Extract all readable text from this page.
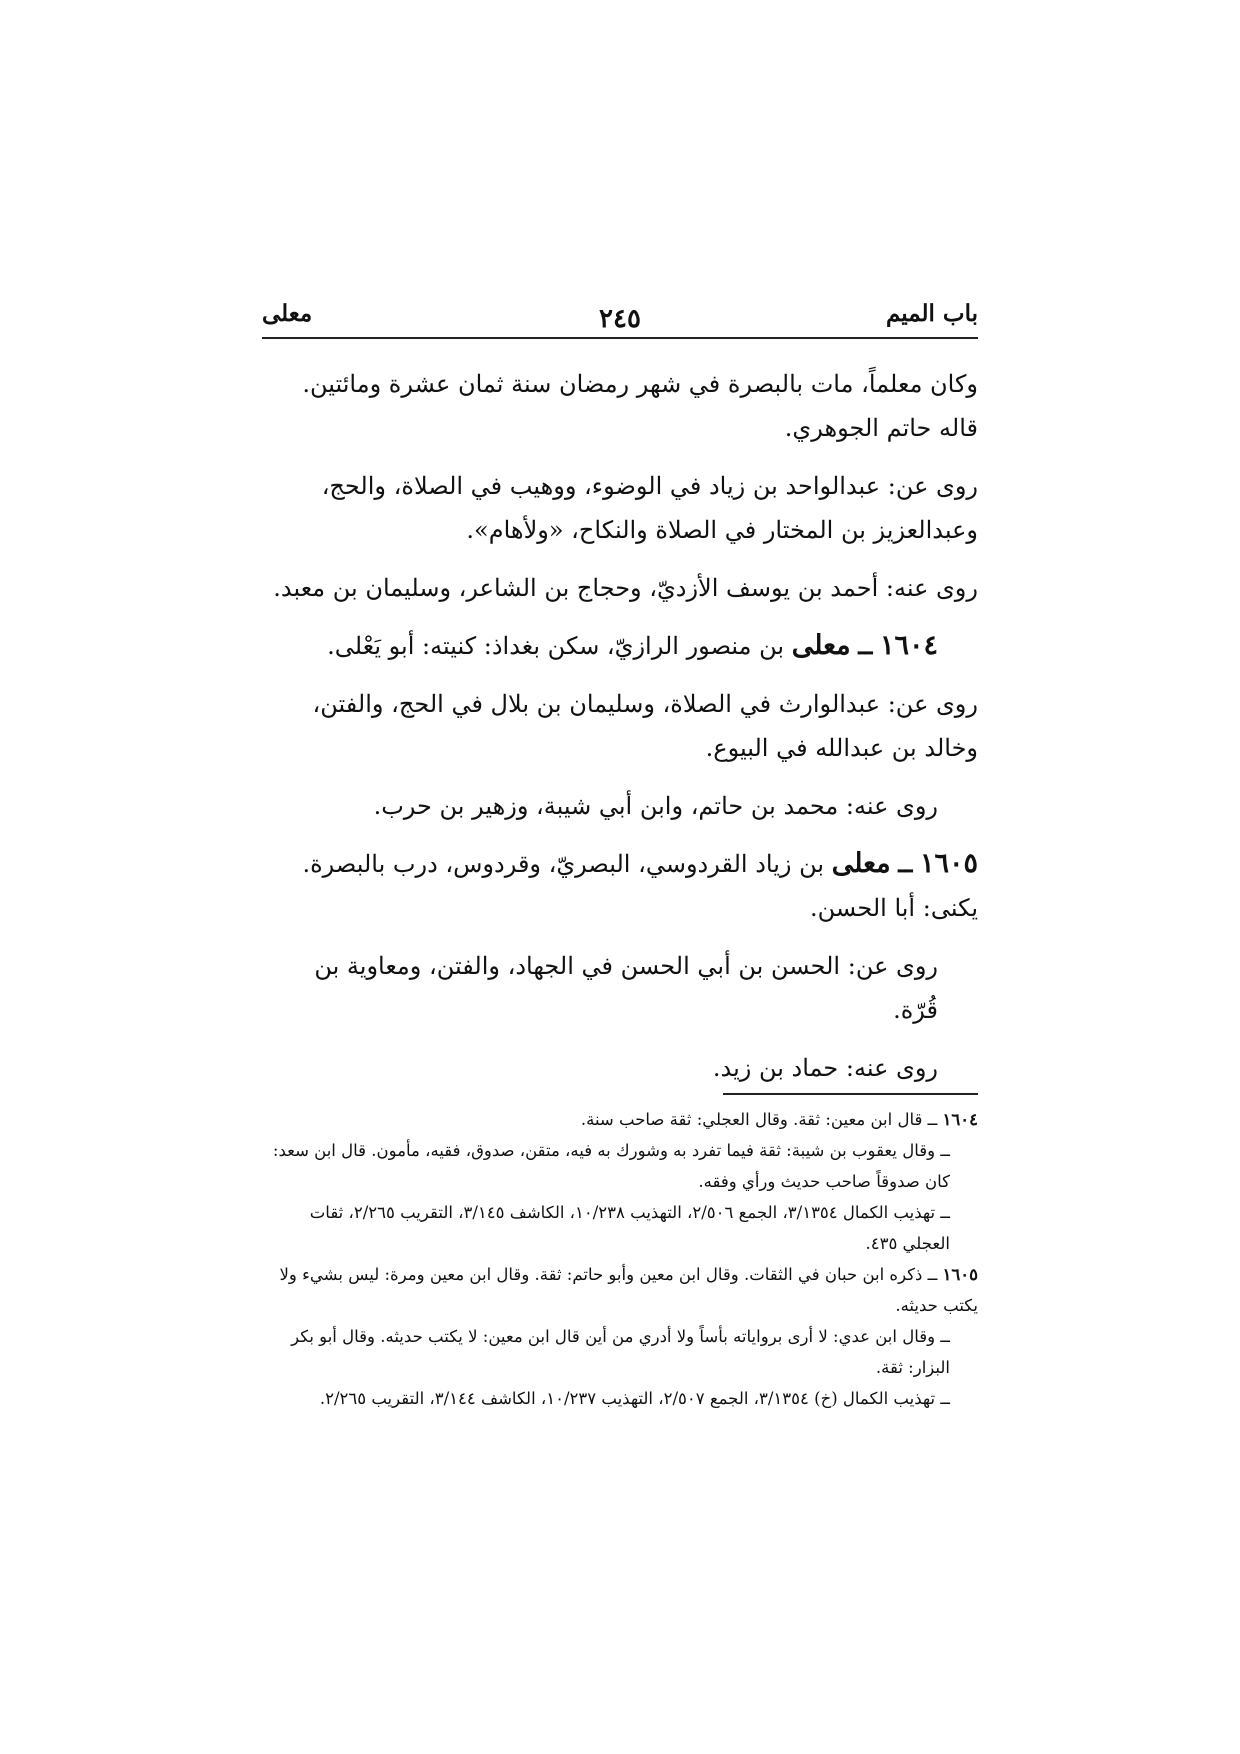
باب الميم
٢٤٥
معلى

وكان معلماً، مات بالبصرة في شهر رمضان سنة ثمان عشرة ومائتين. قاله حاتم الجوهري.

روى عن: عبدالواحد بن زياد في الوضوء، ووهيب في الصلاة، والحج، وعبدالعزيز بن المختار في الصلاة والنكاح، «ولأهام».

روى عنه: أحمد بن يوسف الأزديّ، وحجاج بن الشاعر، وسليمان بن معبد.

١٦٠٤ ــ معلى بن منصور الرازيّ، سكن بغداذ: كنيته: أبو يَعْلى.

روى عن: عبدالوارث في الصلاة، وسليمان بن بلال في الحج، والفتن، وخالد بن عبدالله في البيوع.

روى عنه: محمد بن حاتم، وابن أبي شيبة، وزهير بن حرب.

١٦٠٥ ــ معلى بن زياد القردوسي، البصريّ، وقردوس، درب بالبصرة. يكنى: أبا الحسن.

روى عن: الحسن بن أبي الحسن في الجهاد، والفتن، ومعاوية بن قُرّة.

روى عنه: حماد بن زيد.

١٦٠٤ ــ قال ابن معين: ثقة. وقال العجلي: ثقة صاحب سنة.

ــ وقال يعقوب بن شيبة: ثقة فيما تفرد به وشورك به فيه، متقن، صدوق، فقيه، مأمون. قال ابن سعد: كان صدوقاً صاحب حديث ورأي وفقه.

ــ تهذيب الكمال ٣/١٣٥٤، الجمع ٢/٥٠٦، التهذيب ١٠/٢٣٨، الكاشف ٣/١٤٥، التقريب ٢/٢٦٥، ثقات العجلي ٤٣٥.

١٦٠٥ ــ ذكره ابن حبان في الثقات. وقال ابن معين وأبو حاتم: ثقة. وقال ابن معين ومرة: ليس بشيء ولا يكتب حديثه.

ــ وقال ابن عدي: لا أرى برواياته بأساً ولا أدري من أين قال ابن معين: لا يكتب حديثه. وقال أبو بكر البزار: ثقة.

ــ تهذيب الكمال (خ) ٣/١٣٥٤، الجمع ٢/٥٠٧، التهذيب ١٠/٢٣٧، الكاشف ٣/١٤٤، التقريب ٢/٢٦٥.
